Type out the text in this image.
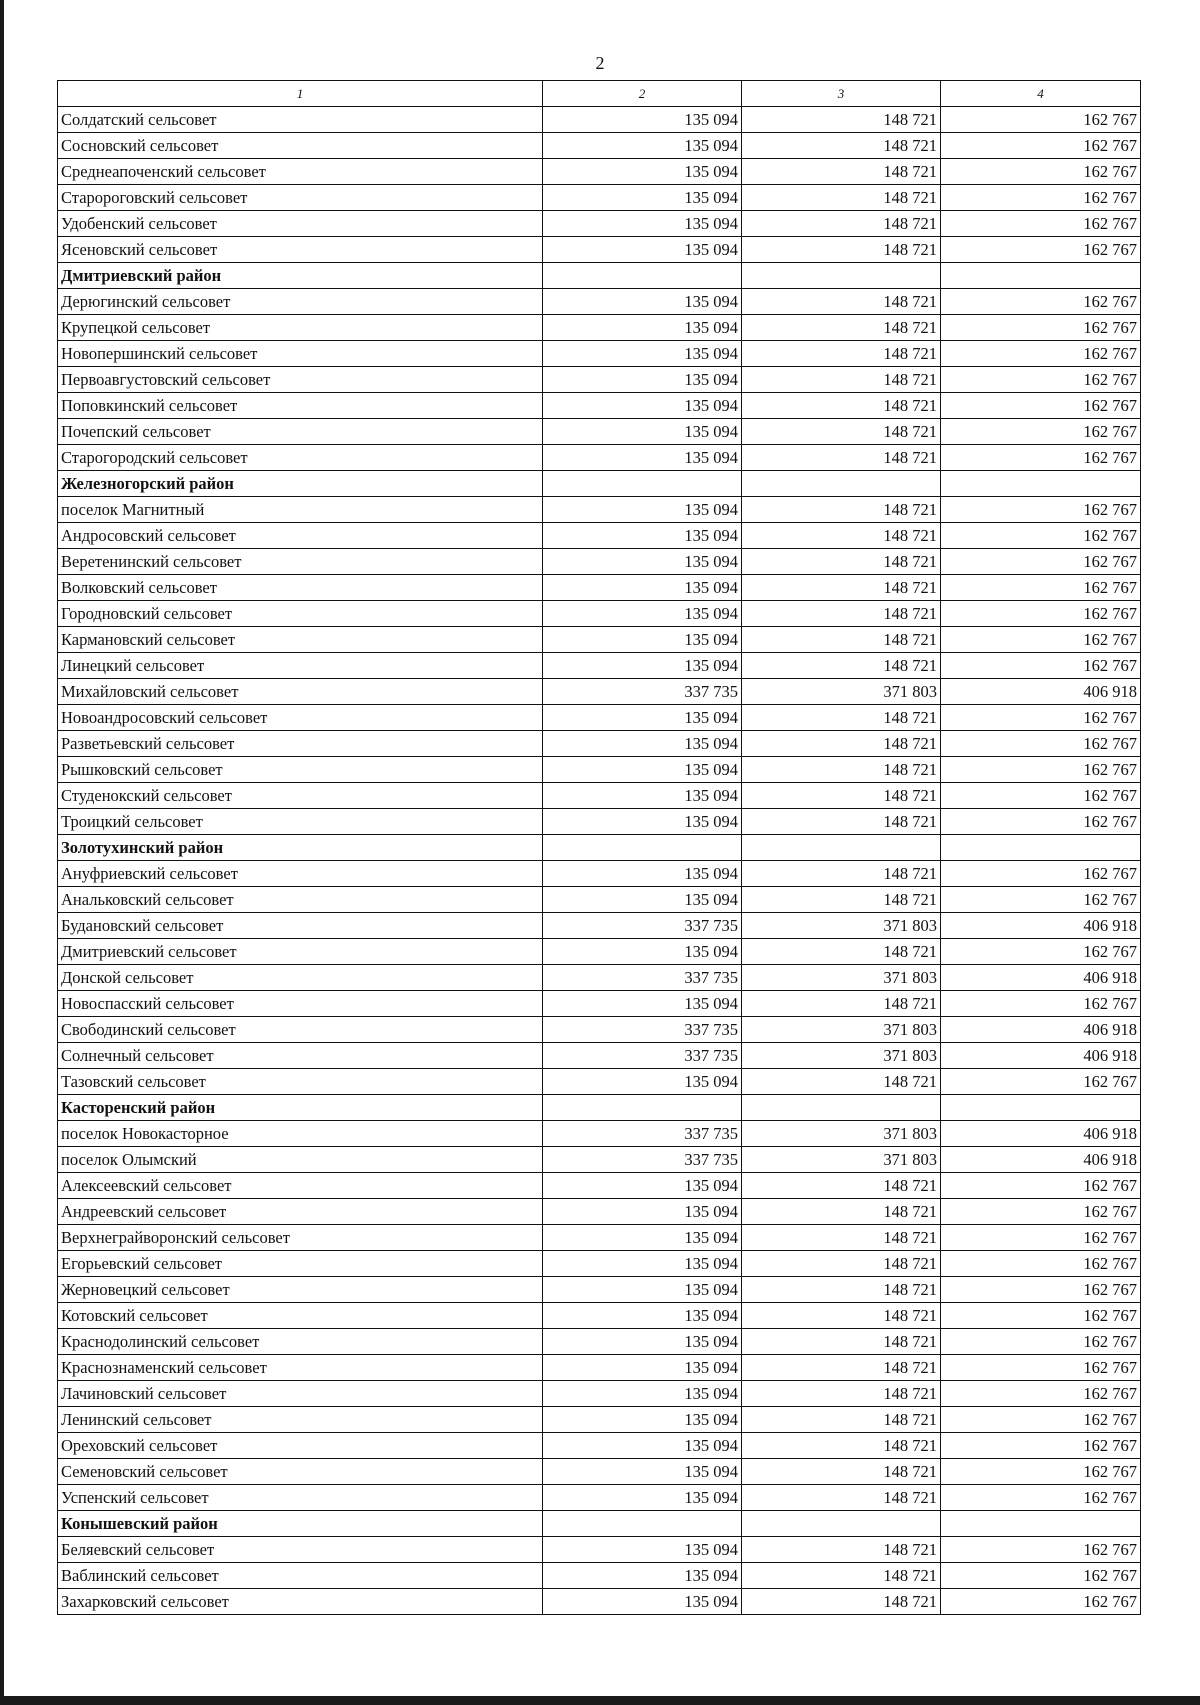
2
1	2	3	4
Солдатский сельсовет	135 094	148 721	162 767
Сосновский сельсовет	135 094	148 721	162 767
Среднеапоченский сельсовет	135 094	148 721	162 767
Старороговский сельсовет	135 094	148 721	162 767
Удобенский сельсовет	135 094	148 721	162 767
Ясеновский сельсовет	135 094	148 721	162 767
Дмитриевский район			
Дерюгинский сельсовет	135 094	148 721	162 767
Крупецкой сельсовет	135 094	148 721	162 767
Новопершинский сельсовет	135 094	148 721	162 767
Первоавгустовский сельсовет	135 094	148 721	162 767
Поповкинский сельсовет	135 094	148 721	162 767
Почепский сельсовет	135 094	148 721	162 767
Старогородский сельсовет	135 094	148 721	162 767
Железногорский район			
поселок Магнитный	135 094	148 721	162 767
Андросовский сельсовет	135 094	148 721	162 767
Веретенинский сельсовет	135 094	148 721	162 767
Волковский сельсовет	135 094	148 721	162 767
Городновский сельсовет	135 094	148 721	162 767
Кармановский сельсовет	135 094	148 721	162 767
Линецкий сельсовет	135 094	148 721	162 767
Михайловский сельсовет	337 735	371 803	406 918
Новоандросовский сельсовет	135 094	148 721	162 767
Разветьевский сельсовет	135 094	148 721	162 767
Рышковский сельсовет	135 094	148 721	162 767
Студенокский сельсовет	135 094	148 721	162 767
Троицкий сельсовет	135 094	148 721	162 767
Золотухинский район			
Ануфриевский сельсовет	135 094	148 721	162 767
Анальковский сельсовет	135 094	148 721	162 767
Будановский сельсовет	337 735	371 803	406 918
Дмитриевский сельсовет	135 094	148 721	162 767
Донской сельсовет	337 735	371 803	406 918
Новоспасский сельсовет	135 094	148 721	162 767
Свободинский сельсовет	337 735	371 803	406 918
Солнечный сельсовет	337 735	371 803	406 918
Тазовский сельсовет	135 094	148 721	162 767
Касторенский район			
поселок Новокасторное	337 735	371 803	406 918
поселок Олымский	337 735	371 803	406 918
Алексеевский сельсовет	135 094	148 721	162 767
Андреевский сельсовет	135 094	148 721	162 767
Верхнеграйворонский сельсовет	135 094	148 721	162 767
Егорьевский сельсовет	135 094	148 721	162 767
Жерновецкий сельсовет	135 094	148 721	162 767
Котовский сельсовет	135 094	148 721	162 767
Краснодолинский сельсовет	135 094	148 721	162 767
Краснознаменский сельсовет	135 094	148 721	162 767
Лачиновский сельсовет	135 094	148 721	162 767
Ленинский сельсовет	135 094	148 721	162 767
Ореховский сельсовет	135 094	148 721	162 767
Семеновский сельсовет	135 094	148 721	162 767
Успенский сельсовет	135 094	148 721	162 767
Конышевский район			
Беляевский сельсовет	135 094	148 721	162 767
Ваблинский сельсовет	135 094	148 721	162 767
Захарковский сельсовет	135 094	148 721	162 767
